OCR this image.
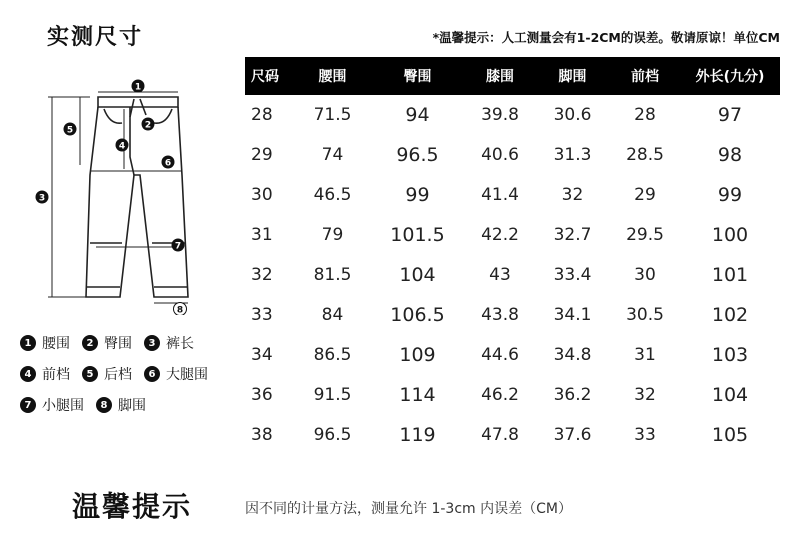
实测尺寸	*温馨提示：人工测量会有1-2CM的误差。敬请原谅！单位CM
1
2
3
4
5
6
7
8
1 腰围	2 臀围	3 裤长
4 前档	5 后档	6 大腿围
7 小腿围	8 脚围
尺码	腰围	臀围	膝围	脚围	前档	外长(九分)
28	71.5	94	39.8	30.6	28	97
29	74	96.5	40.6	31.3	28.5	98
30	46.5	99	41.4	32	29	99
31	79	101.5	42.2	32.7	29.5	100
32	81.5	104	43	33.4	30	101
33	84	106.5	43.8	34.1	30.5	102
34	86.5	109	44.6	34.8	31	103
36	91.5	114	46.2	36.2	32	104
38	96.5	119	47.8	37.6	33	105
温馨提示	因不同的计量方法，测量允许 1-3cm 内误差（CM）
